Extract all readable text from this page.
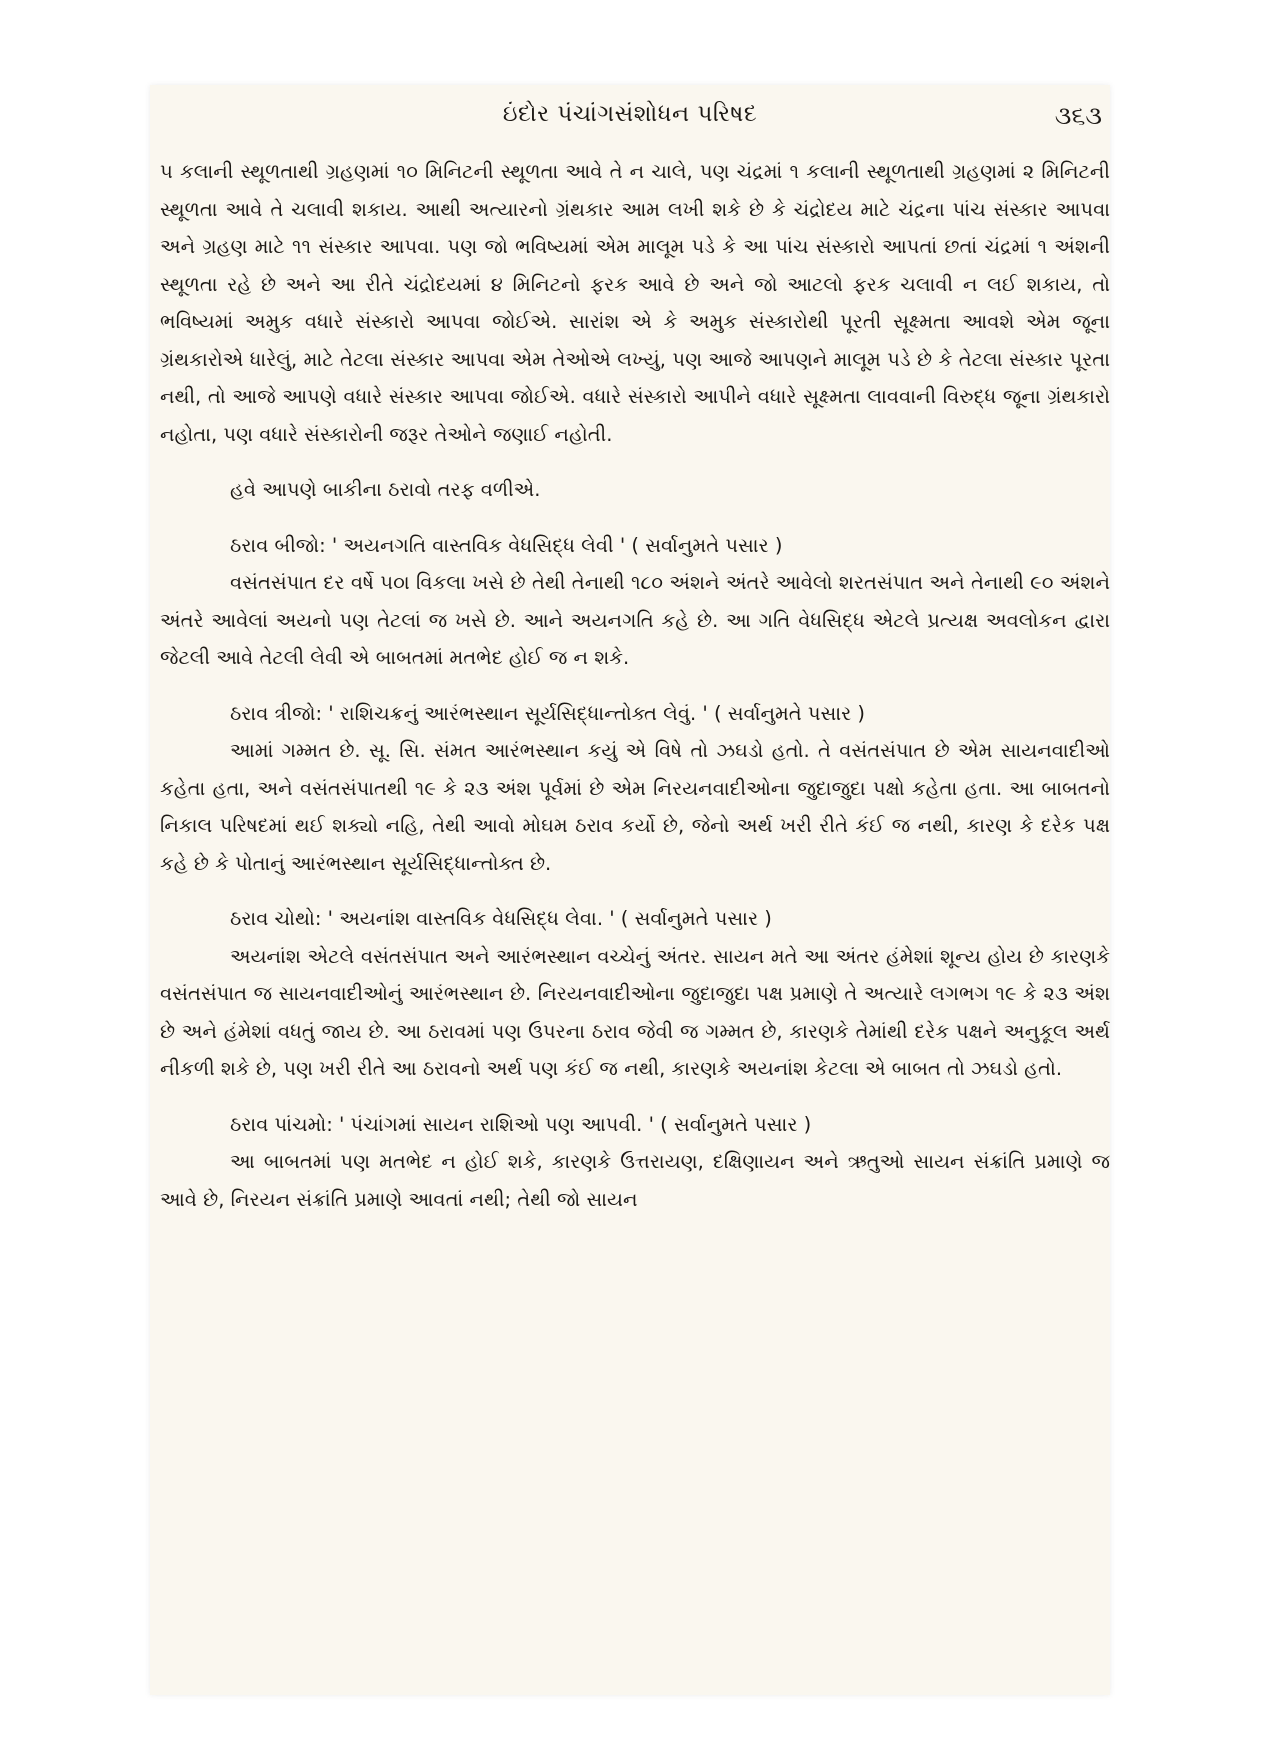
ઇંદોર પંચાંગસંશોધન પરિષદ	૩૬૩

૫ કલાની સ્થૂળતાથી ગ્રહણમાં ૧૦ મિનિટની સ્થૂળતા આવે તે ન ચાલે, પણ ચંદ્રમાં ૧ કલાની સ્થૂળતાથી ગ્રહણમાં ૨ મિનિટની સ્થૂળતા આવે તે ચલાવી શકાય. આથી અત્યારનો ગ્રંથકાર આમ લખી શકે છે કે ચંદ્રોદય માટે ચંદ્રના પાંચ સંસ્કાર આપવા અને ગ્રહણ માટે ૧૧ સંસ્કાર આપવા. પણ જો ભવિષ્યમાં એમ માલૂમ પડે કે આ પાંચ સંસ્કારો આપતાં છતાં ચંદ્રમાં ૧ અંશની સ્થૂળતા રહે છે અને આ રીતે ચંદ્રોદયમાં ૪ મિનિટનો ફરક આવે છે અને જો આટલો ફરક ચલાવી ન લઈ શકાય, તો ભવિષ્યમાં અમુક વધારે સંસ્કારો આપવા જોઈએ. સારાંશ એ કે અમુક સંસ્કારોથી પૂરતી સૂક્ષ્મતા આવશે એમ જૂના ગ્રંથકારોએ ધારેલું, માટે તેટલા સંસ્કાર આપવા એમ તેઓએ લખ્યું, પણ આજે આપણને માલૂમ પડે છે કે તેટલા સંસ્કાર પૂરતા નથી, તો આજે આપણે વધારે સંસ્કાર આપવા જોઈએ. વધારે સંસ્કારો આપીને વધારે સૂક્ષ્મતા લાવવાની વિરુદ્ધ જૂના ગ્રંથકારો નહોતા, પણ વધારે સંસ્કારોની જરૂર તેઓને જણાઈ નહોતી.

હવે આપણે બાકીના ઠરાવો તરફ વળીએ.

ઠરાવ બીજો: ' અયનગતિ વાસ્તવિક વેધસિદ્ધ લેવી ' ( સર્વાનુમતે પસાર )

વસંતસંપાત દર વર્ષે ૫૦ા વિકલા ખસે છે તેથી તેનાથી ૧૮૦ અંશને અંતરે આવેલો શરતસંપાત અને તેનાથી ૯૦ અંશને અંતરે આવેલાં અયનો પણ તેટલાં જ ખસે છે. આને અયનગતિ કહે છે. આ ગતિ વેધસિદ્ધ એટલે પ્રત્યક્ષ અવલોકન દ્વારા જેટલી આવે તેટલી લેવી એ બાબતમાં મતભેદ હોઈ જ ન શકે.

ઠરાવ ત્રીજો: ' રાશિચક્રનું આરંભસ્થાન સૂર્યસિદ્ધાન્તોક્ત લેવું. ' ( સર્વાનુમતે પસાર )

આમાં ગમ્મત છે. સૂ. સિ. સંમત આરંભસ્થાન કયું એ વિષે તો ઝઘડો હતો. તે વસંતસંપાત છે એમ સાયનવાદીઓ કહેતા હતા, અને વસંતસંપાતથી ૧૯ કે ૨૩ અંશ પૂર્વમાં છે એમ નિરયનવાદીઓના જુદાજુદા પક્ષો કહેતા હતા. આ બાબતનો નિકાલ પરિષદમાં થઈ શક્યો નહિ, તેથી આવો મોઘમ ઠરાવ કર્યો છે, જેનો અર્થ ખરી રીતે કંઈ જ નથી, કારણ કે દરેક પક્ષ કહે છે કે પોતાનું આરંભસ્થાન સૂર્યસિદ્ધાન્તોક્ત છે.

ઠરાવ ચોથો: ' અયનાંશ વાસ્તવિક વેધસિદ્ધ લેવા. ' ( સર્વાનુમતે પસાર )

અયનાંશ એટલે વસંતસંપાત અને આરંભસ્થાન વચ્ચેનું અંતર. સાયન મતે આ અંતર હંમેશાં શૂન્ય હોય છે કારણકે વસંતસંપાત જ સાયનવાદીઓનું આરંભસ્થાન છે. નિરયનવાદીઓના જુદાજુદા પક્ષ પ્રમાણે તે અત્યારે લગભગ ૧૯ કે ૨૩ અંશ છે અને હંમેશાં વધતું જાય છે. આ ઠરાવમાં પણ ઉપરના ઠરાવ જેવી જ ગમ્મત છે, કારણકે તેમાંથી દરેક પક્ષને અનુકૂલ અર્થ નીકળી શકે છે, પણ ખરી રીતે આ ઠરાવનો અર્થ પણ કંઈ જ નથી, કારણકે અયનાંશ કેટલા એ બાબત તો ઝઘડો હતો.

ઠરાવ પાંચમો: ' પંચાંગમાં સાયન રાશિઓ પણ આપવી. ' ( સર્વાનુમતે પસાર )

આ બાબતમાં પણ મતભેદ ન હોઈ શકે, કારણકે ઉત્તરાયણ, દક્ષિણાયન અને ઋતુઓ સાયન સંક્રાંતિ પ્રમાણે જ આવે છે, નિરયન સંક્રાંતિ પ્રમાણે આવતાં નથી; તેથી જો સાયન
